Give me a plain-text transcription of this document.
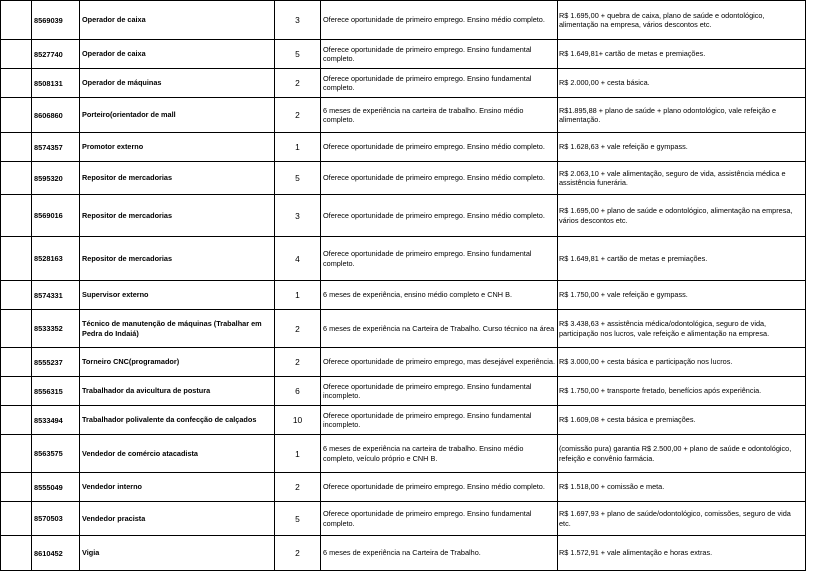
	8569039	Operador de caixa	3	Oferece oportunidade de primeiro emprego. Ensino médio completo.	R$ 1.695,00 + quebra de caixa, plano de saúde e odontológico, alimentação na empresa, vários descontos etc.
	8527740	Operador de caixa	5	Oferece oportunidade de primeiro emprego. Ensino fundamental completo.	R$ 1.649,81+ cartão de metas e premiações.
	8508131	Operador de máquinas	2	Oferece oportunidade de primeiro emprego. Ensino fundamental completo.	R$ 2.000,00 + cesta básica.
	8606860	Porteiro(orientador de mall	2	6 meses de experiência na carteira de trabalho. Ensino médio completo.	R$1.895,88 + plano de saúde + plano odontológico, vale refeição e alimentação.
	8574357	Promotor externo	1	Oferece oportunidade de primeiro emprego. Ensino médio completo.	R$ 1.628,63 + vale refeição e gympass.
	8595320	Repositor de mercadorias	5	Oferece oportunidade de primeiro emprego. Ensino médio completo.	R$ 2.063,10 + vale alimentação, seguro de vida, assistência médica e assistência funerária.
	8569016	Repositor de mercadorias	3	Oferece oportunidade de primeiro emprego. Ensino médio completo.	R$ 1.695,00 + plano de saúde e odontológico, alimentação na empresa, vários descontos etc.
	8528163	Repositor de mercadorias	4	Oferece oportunidade de primeiro emprego. Ensino fundamental completo.	R$ 1.649,81 + cartão de metas e premiações.
	8574331	Supervisor externo	1	6 meses de experiência, ensino médio completo e CNH B.	R$ 1.750,00 + vale refeição e gympass.
	8533352	Técnico de manutenção de máquinas (Trabalhar em Pedra do Indaiá)	2	6 meses de experiência na Carteira de Trabalho. Curso técnico na área	R$ 3.438,63 + assistência médica/odontológica, seguro de vida, participação nos lucros, vale refeição e alimentação na empresa.
	8555237	Torneiro CNC(programador)	2	Oferece oportunidade de primeiro emprego, mas desejável experiência.	R$ 3.000,00 + cesta básica e participação nos lucros.
	8556315	Trabalhador da avicultura de postura	6	Oferece oportunidade de primeiro emprego. Ensino fundamental incompleto.	R$ 1.750,00 + transporte fretado, benefícios após experiência.
	8533494	Trabalhador polivalente da confecção de calçados	10	Oferece oportunidade de primeiro emprego. Ensino fundamental incompleto.	R$ 1.609,08 + cesta básica e premiações.
	8563575	Vendedor de comércio atacadista	1	6 meses de experiência na carteira de trabalho. Ensino médio completo, veículo próprio e CNH B.	(comissão pura) garantia R$ 2.500,00 + plano de saúde e odontológico, refeição e convênio farmácia.
	8555049	Vendedor interno	2	Oferece oportunidade de primeiro emprego. Ensino médio completo.	R$ 1.518,00 + comissão e meta.
	8570503	Vendedor pracista	5	Oferece oportunidade de primeiro emprego. Ensino fundamental completo.	R$ 1.697,93 + plano de saúde/odontológico, comissões, seguro de vida etc.
	8610452	Vigia	2	6 meses de experiência na Carteira de Trabalho.	R$ 1.572,91 + vale alimentação e horas extras.
